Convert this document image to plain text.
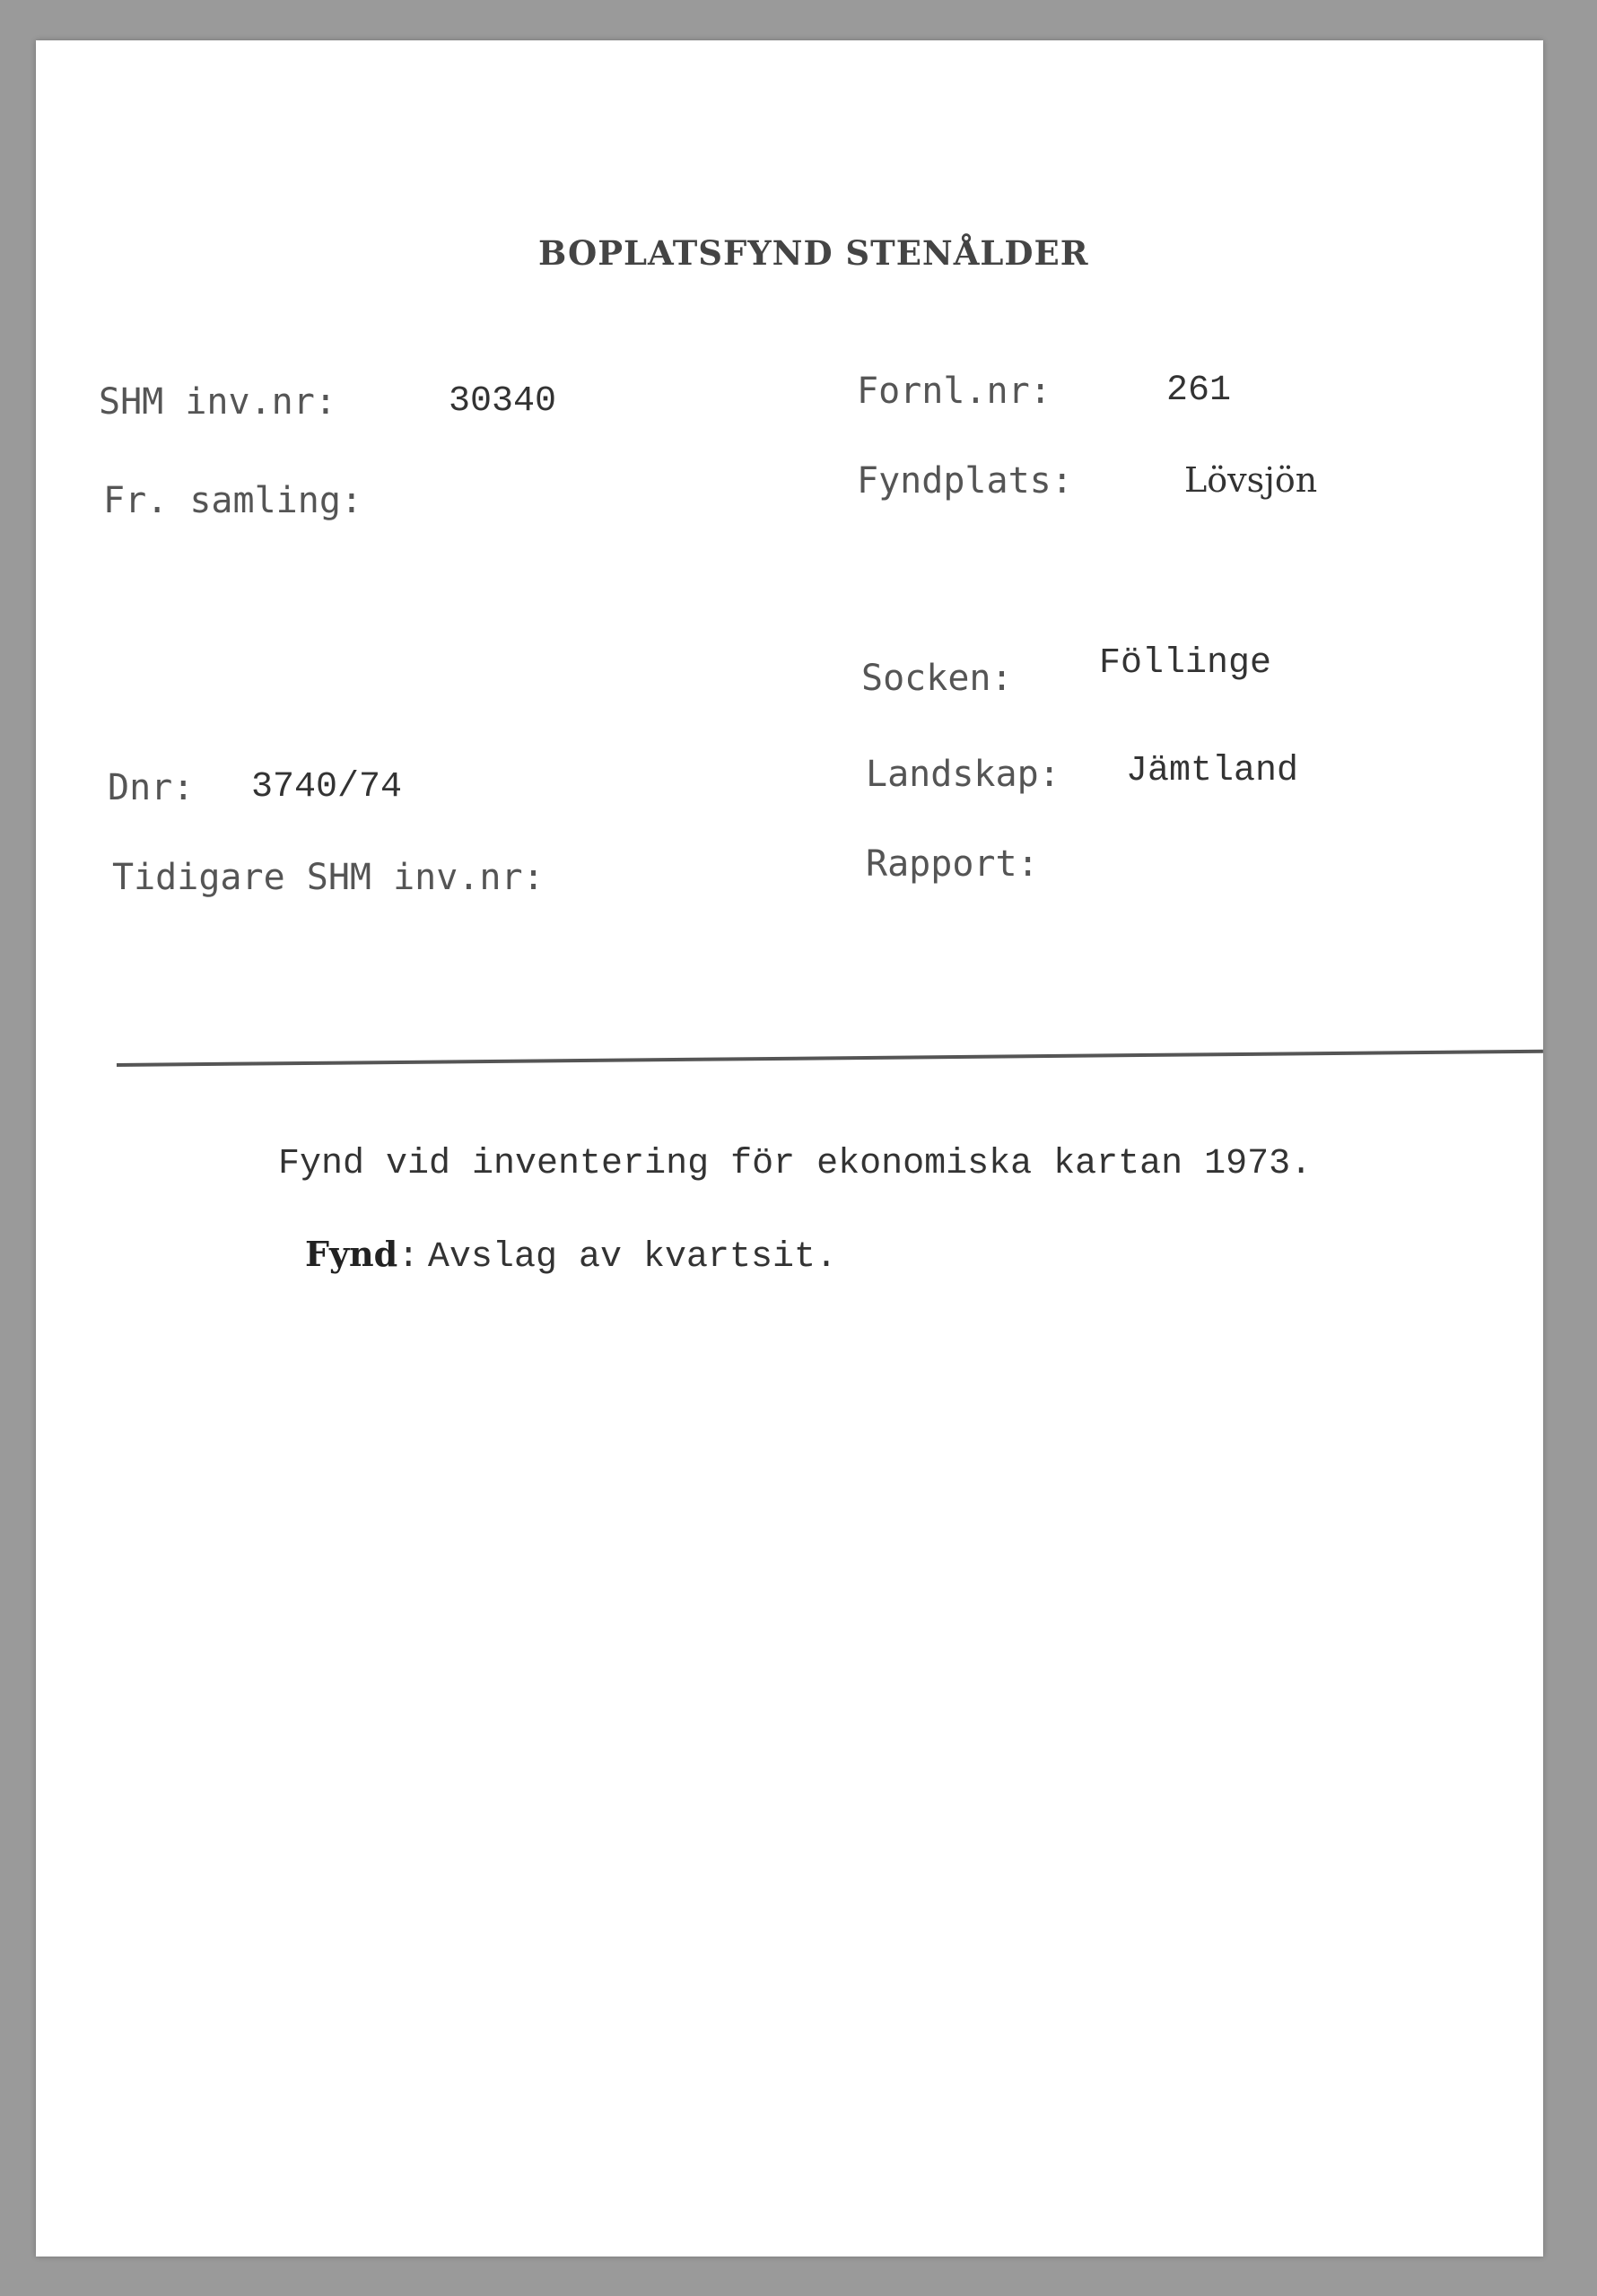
BOPLATSFYND STENÅLDER
SHM inv.nr:	30340	Fornl.nr:	261
Fr. samling:	Fyndplats:	Lövsjön
Socken: Föllinge
Dnr: 3740/74	Landskap: Jämtland
Tidigare SHM inv.nr:	Rapport:
Fynd vid inventering för ekonomiska kartan 1973.
Fynd: Avslag av kvartsit.
